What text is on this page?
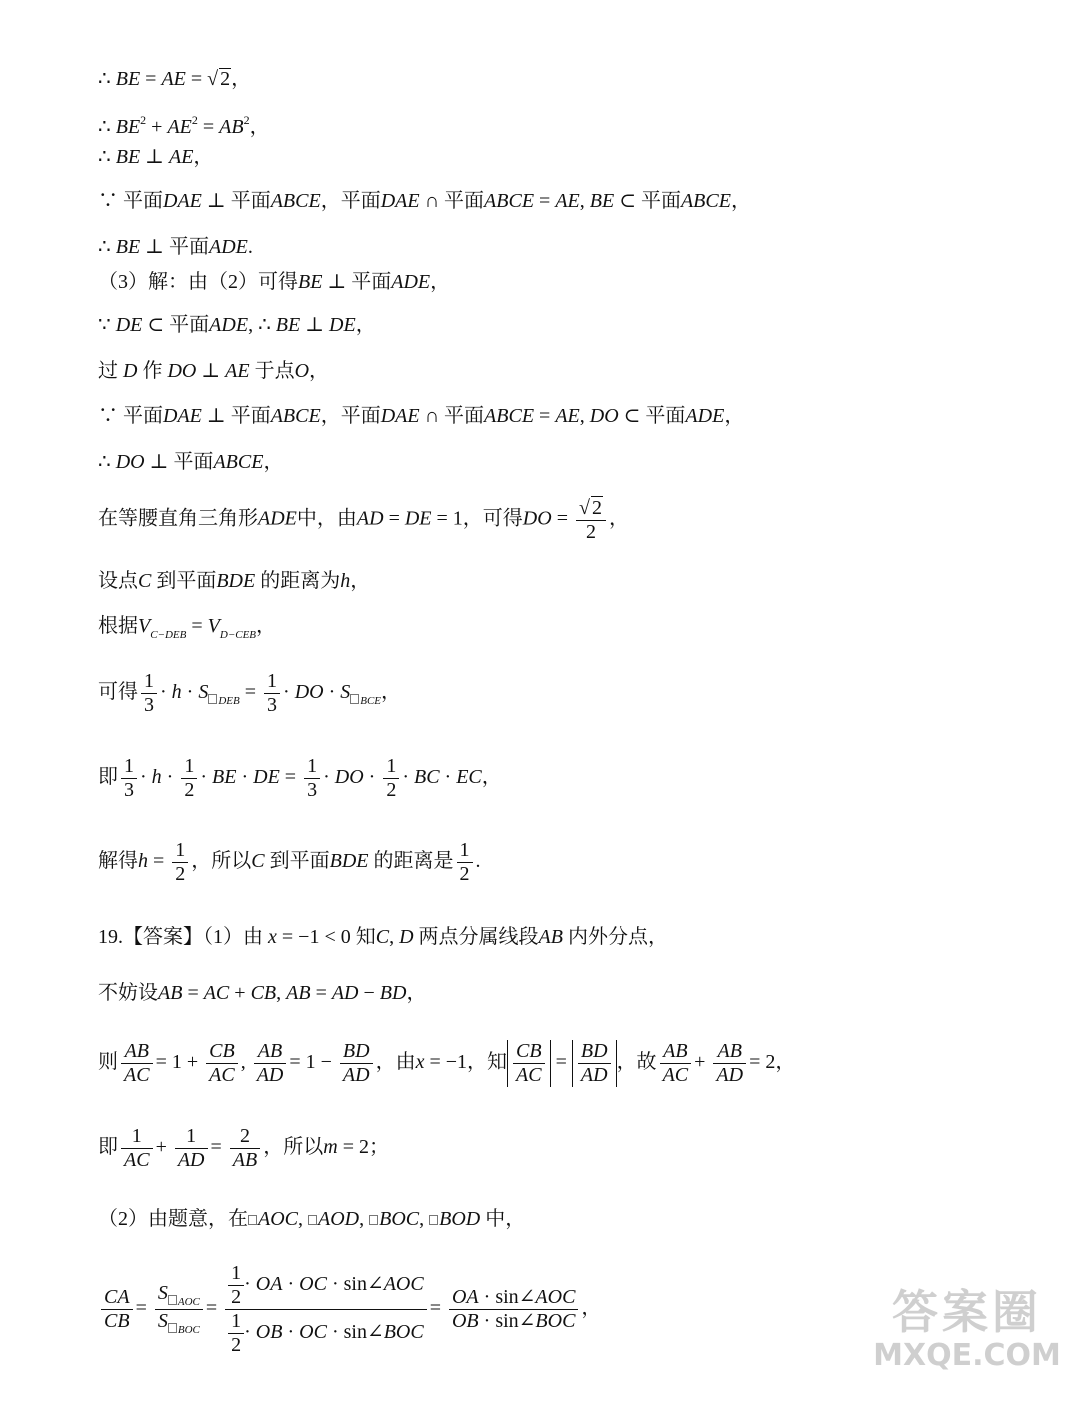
∴ BE = AE = √ 2，
∴ $BE^2 + AE^2 = AB^2$，
∴ BE ⊥ AE，
∵ 平面DAE ⊥ 平面ABCE，平面DAE ∩ 平面ABCE = AE, BE ⊂ 平面ABCE，
∴ BE ⊥ 平面ADE.
（3）解：由（2）可得BE ⊥ 平面ADE，
∵ DE ⊂ 平面ADE, ∴ BE ⊥ DE，
过 D 作 DO ⊥ AE 于点O，
∵ 平面DAE ⊥ 平面ABCE，平面DAE ∩ 平面ABCE = AE, DO ⊂ 平面ADE，
∴ DO ⊥ 平面ABCE，
在等腰直角三角形ADE中，由AD = DE = 1，可得DO = $\frac{√ 2}{2}$ ，
设点C 到平面BDE 的距离为h，
根据$V_{C-DEB} = V_{D-CEB}$，
可得 $\frac{1}{3} \cdot h \cdot S$ $_{DEB} = \frac{1}{3}$ · DO · S $_{BCE}$，
即 $\frac{1}{3} \cdot h \cdot \frac{1}{2}$ · BE · DE = $\frac{1}{3}$ · DO · $\frac{1}{2}$ · BC · EC，
解得$h = \frac{1}{2}$ ，所以C 到平面BDE 的距离是 $\frac{1}{2}$ .
19.【答案】（1）由 x = −1 < 0 知C, D 两点分属线段AB 内外分点，
不妨设AB = AC + CB, AB = AD − BD，
则 $\frac{AB}{AC} = 1 + \frac{CB}{AC}$ , $\frac{AB}{AD} = 1 - \frac{BD}{AD}$ ，由x = −1，知 $\frac{CB}{AC} = \frac{BD}{AD}$ ，故 $\frac{AB}{AC} + \frac{AB}{AD} = 2$，
即 $\frac{1}{AC} + \frac{1}{AD} = \frac{2}{AB}$ ，所以m = 2；
（2）由题意，在 AOC, AOD, BOC, BOD 中，
$\frac{CA}{CB} = \frac{S _{AOC}}{S _{BOC}} = \frac{\frac{1}{2} \cdot OA \cdot OC \cdot \sin\angle AOC}{\frac{1}{2} \cdot OB \cdot OC \cdot \sin\angle BOC} = \frac{\text{OA · sin∠AOC}}{\text{OB · sin∠BOC}}$ ，	答案圈
MXQE.COM
